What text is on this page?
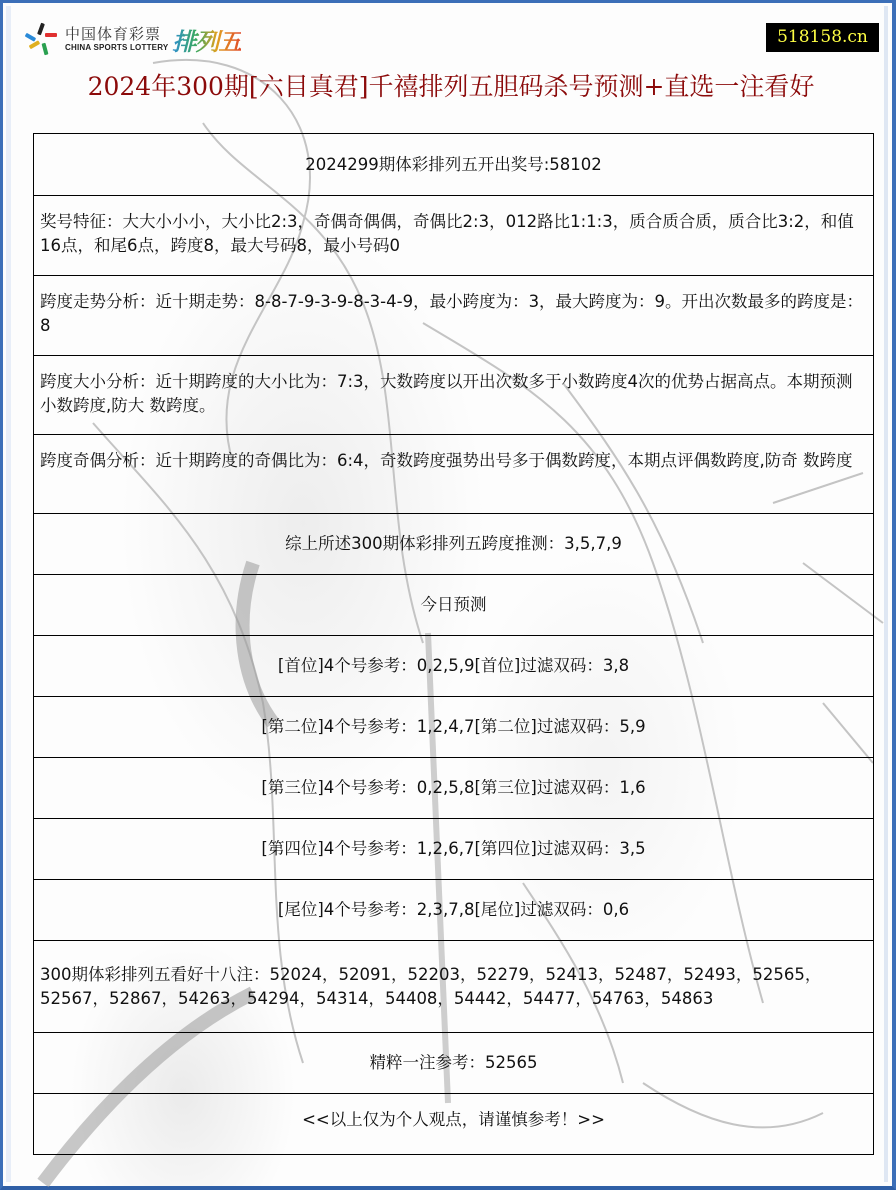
中国体育彩票
CHINA SPORTS LOTTERY 排列五	518158.cn
2024年300期[六目真君]千禧排列五胆码杀号预测+直选一注看好
2024299期体彩排列五开出奖号:58102
奖号特征：大大小小小，大小比2:3，奇偶奇偶偶，奇偶比2:3，012路比1:1:3，质合质合质，质合比3:2，和值16点，和尾6点，跨度8，最大号码8，最小号码0
跨度走势分析：近十期走势：8-8-7-9-3-9-8-3-4-9，最小跨度为：3，最大跨度为：9。开出次数最多的跨度是：8
跨度大小分析：近十期跨度的大小比为：7:3，大数跨度以开出次数多于小数跨度4次的优势占据高点。本期预测小数跨度,防大 数跨度。
跨度奇偶分析：近十期跨度的奇偶比为：6:4，奇数跨度强势出号多于偶数跨度，本期点评偶数跨度,防奇 数跨度
综上所述300期体彩排列五跨度推测：3,5,7,9
今日预测
[首位]4个号参考：0,2,5,9[首位]过滤双码：3,8
[第二位]4个号参考：1,2,4,7[第二位]过滤双码：5,9
[第三位]4个号参考：0,2,5,8[第三位]过滤双码：1,6
[第四位]4个号参考：1,2,6,7[第四位]过滤双码：3,5
[尾位]4个号参考：2,3,7,8[尾位]过滤双码：0,6
300期体彩排列五看好十八注：52024，52091，52203，52279，52413，52487，52493，52565，52567，52867，54263，54294，54314，54408，54442，54477，54763，54863
精粹一注参考：52565
<<以上仅为个人观点，请谨慎参考！>>
